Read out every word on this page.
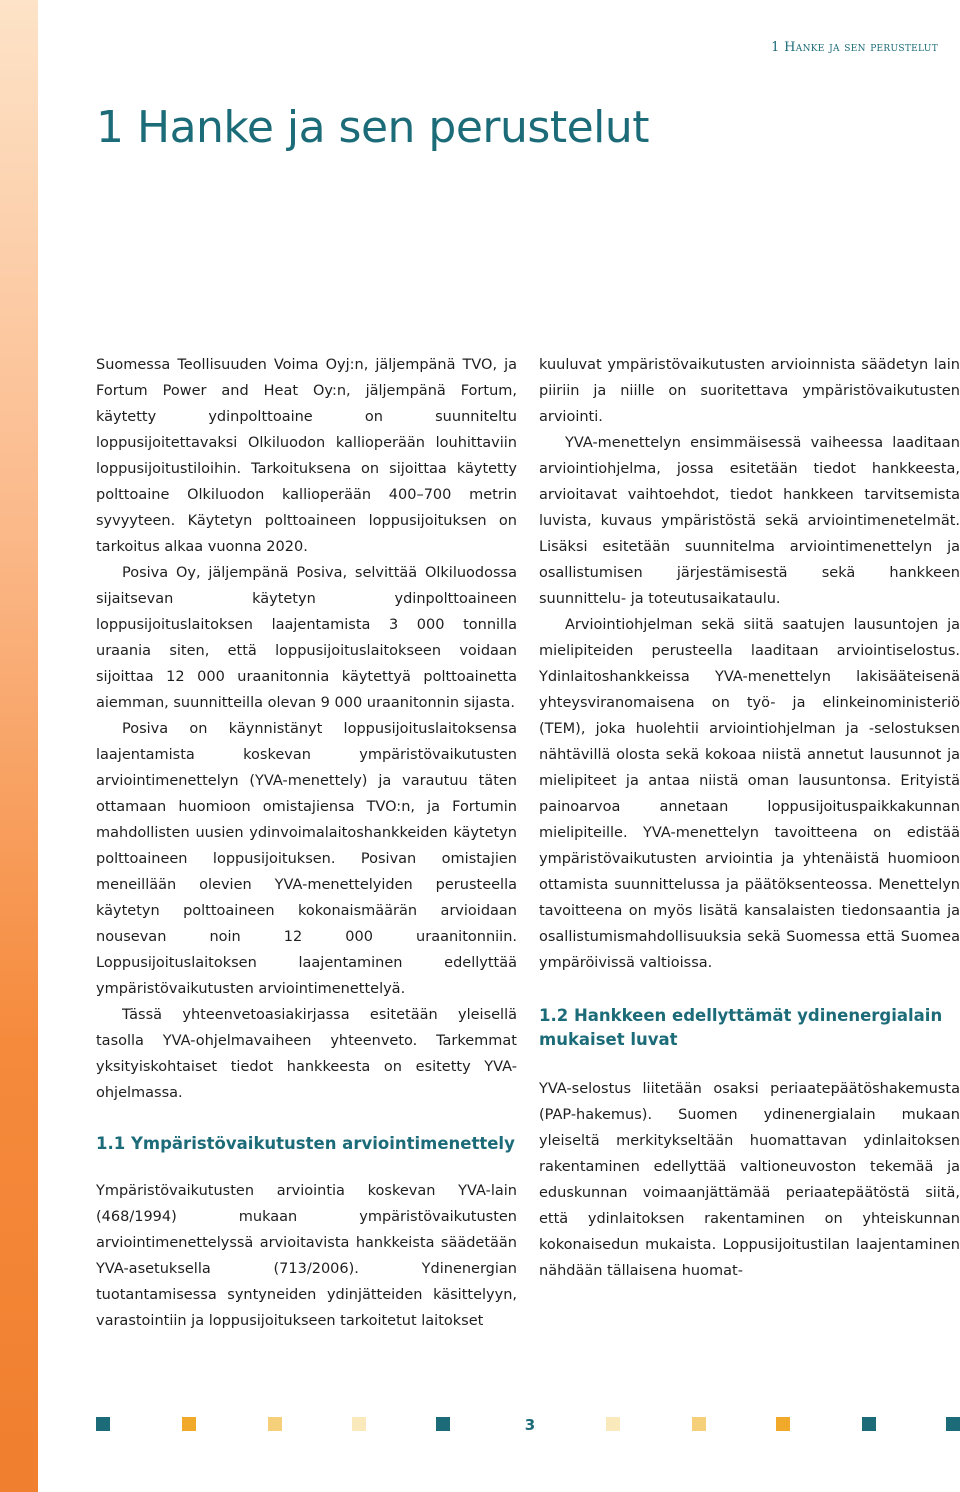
1 Hanke ja sen perustelut
1 Hanke ja sen perustelut

Suomessa Teollisuuden Voima Oyj:n, jäljempänä TVO, ja Fortum Power and Heat Oy:n, jäljempänä Fortum, käytetty ydinpolttoaine on suunniteltu loppusijoitettavaksi Olkiluodon kallioperään louhittaviin loppusijoitustiloihin. Tarkoituksena on sijoittaa käytetty polttoaine Olkiluodon kallioperään 400–700 metrin syvyyteen. Käytetyn polttoaineen loppusijoituksen on tarkoitus alkaa vuonna 2020.

Posiva Oy, jäljempänä Posiva, selvittää Olkiluodossa sijaitsevan käytetyn ydinpolttoaineen loppusijoituslaitoksen laajentamista 3 000 tonnilla uraania siten, että loppusijoituslaitokseen voidaan sijoittaa 12 000 uraanitonnia käytettyä polttoainetta aiemman, suunnitteilla olevan 9 000 uraanitonnin sijasta.

Posiva on käynnistänyt loppusijoituslaitoksensa laajentamista koskevan ympäristövaikutusten arviointimenettelyn (YVA-menettely) ja varautuu täten ottamaan huomioon omistajiensa TVO:n, ja Fortumin mahdollisten uusien ydinvoimalaitoshankkeiden käytetyn polttoaineen loppusijoituksen. Posivan omistajien meneillään olevien YVA-menettelyiden perusteella käytetyn polttoaineen kokonaismäärän arvioidaan nousevan noin 12 000 uraanitonniin. Loppusijoituslaitoksen laajentaminen edellyttää ympäristövaikutusten arviointimenettelyä.

Tässä yhteenvetoasiakirjassa esitetään yleisellä tasolla YVA-ohjelmavaiheen yhteenveto. Tarkemmat yksityiskohtaiset tiedot hankkeesta on esitetty YVA-ohjelmassa.

1.1 Ympäristövaikutusten arviointimenettely

Ympäristövaikutusten arviointia koskevan YVA-lain (468/1994) mukaan ympäristövaikutusten arviointimenettelyssä arvioitavista hankkeista säädetään YVA-asetuksella (713/2006). Ydinenergian tuotantamisessa syntyneiden ydinjätteiden käsittelyyn, varastointiin ja loppusijoitukseen tarkoitetut laitokset

kuuluvat ympäristövaikutusten arvioinnista säädetyn lain piiriin ja niille on suoritettava ympäristövaikutusten arviointi.

YVA-menettelyn ensimmäisessä vaiheessa laaditaan arviointiohjelma, jossa esitetään tiedot hankkeesta, arvioitavat vaihtoehdot, tiedot hankkeen tarvitsemista luvista, kuvaus ympäristöstä sekä arviointimenetelmät. Lisäksi esitetään suunnitelma arviointimenettelyn ja osallistumisen järjestämisestä sekä hankkeen suunnittelu- ja toteutusaikataulu.

Arviointiohjelman sekä siitä saatujen lausuntojen ja mielipiteiden perusteella laaditaan arviointiselostus. Ydinlaitoshankkeissa YVA-menettelyn lakisääteisenä yhteysviranomaisena on työ- ja elinkeinoministeriö (TEM), joka huolehtii arviointiohjelman ja -selostuksen nähtävillä olosta sekä kokoaa niistä annetut lausunnot ja mielipiteet ja antaa niistä oman lausuntonsa. Erityistä painoarvoa annetaan loppusijoituspaikkakunnan mielipiteille. YVA-menettelyn tavoitteena on edistää ympäristövaikutusten arviointia ja yhtenäistä huomioon ottamista suunnittelussa ja päätöksenteossa. Menettelyn tavoitteena on myös lisätä kansalaisten tiedonsaantia ja osallistumismahdollisuuksia sekä Suomessa että Suomea ympäröivissä valtioissa.

1.2 Hankkeen edellyttämät ydinenergialain mukaiset luvat

YVA-selostus liitetään osaksi periaatepäätöshakemusta (PAP-hakemus). Suomen ydinenergialain mukaan yleiseltä merkitykseltään huomattavan ydinlaitoksen rakentaminen edellyttää valtioneuvoston tekemää ja eduskunnan voimaanjättämää periaatepäätöstä siitä, että ydinlaitoksen rakentaminen on yhteiskunnan kokonaisedun mukaista. Loppusijoitustilan laajentaminen nähdään tällaisena huomat-

3
